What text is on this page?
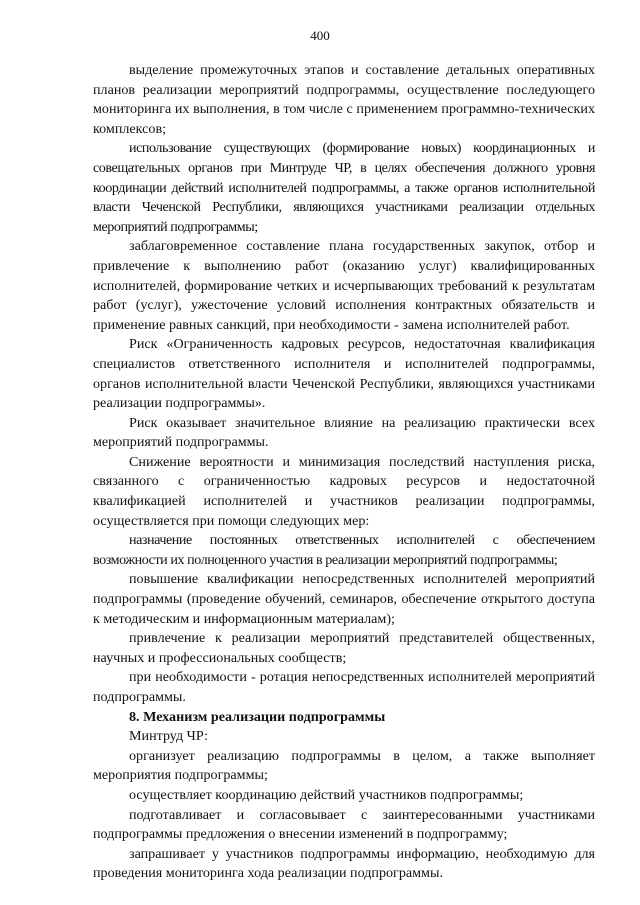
400

выделение промежуточных этапов и составление детальных оперативных планов реализации мероприятий подпрограммы, осуществление последующего мониторинга их выполнения, в том числе с применением программно-технических комплексов;

использование существующих (формирование новых) координационных и совещательных органов при Минтруде ЧР, в целях обеспечения должного уровня координации действий исполнителей подпрограммы, а также органов исполнительной власти Чеченской Республики, являющихся участниками реализации отдельных мероприятий подпрограммы;

заблаговременное составление плана государственных закупок, отбор и привлечение к выполнению работ (оказанию услуг) квалифицированных исполнителей, формирование четких и исчерпывающих требований к результатам работ (услуг), ужесточение условий исполнения контрактных обязательств и применение равных санкций, при необходимости - замена исполнителей работ.

Риск «Ограниченность кадровых ресурсов, недостаточная квалификация специалистов ответственного исполнителя и исполнителей подпрограммы, органов исполнительной власти Чеченской Республики, являющихся участниками реализации подпрограммы».

Риск оказывает значительное влияние на реализацию практически всех мероприятий подпрограммы.

Снижение вероятности и минимизация последствий наступления риска, связанного с ограниченностью кадровых ресурсов и недостаточной квалификацией исполнителей и участников реализации подпрограммы, осуществляется при помощи следующих мер:

назначение постоянных ответственных исполнителей с обеспечением возможности их полноценного участия в реализации мероприятий подпрограммы;

повышение квалификации непосредственных исполнителей мероприятий подпрограммы (проведение обучений, семинаров, обеспечение открытого доступа к методическим и информационным материалам);

привлечение к реализации мероприятий представителей общественных, научных и профессиональных сообществ;

при необходимости - ротация непосредственных исполнителей мероприятий подпрограммы.

8. Механизм реализации подпрограммы

Минтруд ЧР:

организует реализацию подпрограммы в целом, а также выполняет мероприятия подпрограммы;

осуществляет координацию действий участников подпрограммы;

подготавливает и согласовывает с заинтересованными участниками подпрограммы предложения о внесении изменений в подпрограмму;

запрашивает у участников подпрограммы информацию, необходимую для проведения мониторинга хода реализации подпрограммы.
